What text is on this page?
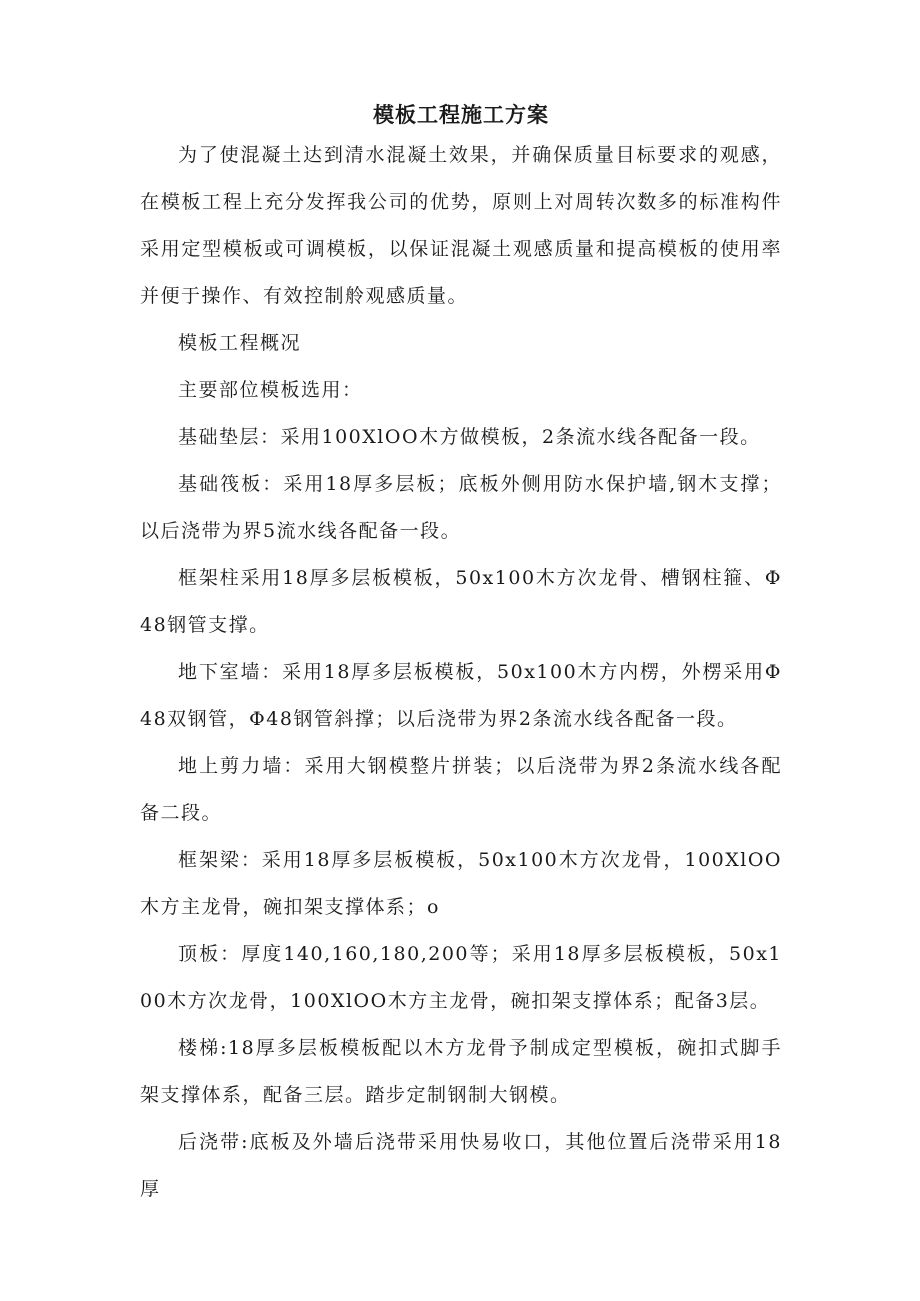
模板工程施工方案

为了使混凝土达到清水混凝土效果，并确保质量目标要求的观感，在模板工程上充分发挥我公司的优势，原则上对周转次数多的标准构件采用定型模板或可调模板，以保证混凝土观感质量和提高模板的使用率并便于操作、有效控制舲观感质量。

模板工程概况

主要部位模板选用：

基础垫层：采用100XlOO木方做模板，2条流水线各配备一段。

基础筏板：采用18厚多层板；底板外侧用防水保护墙,钢木支撑；以后浇带为界5流水线各配备一段。

框架柱采用18厚多层板模板，50x100木方次龙骨、槽钢柱箍、Φ48钢管支撑。

地下室墙：采用18厚多层板模板，50x100木方内楞，外楞采用Φ48双钢管，Φ48钢管斜撑；以后浇带为界2条流水线各配备一段。

地上剪力墙：采用大钢模整片拼装；以后浇带为界2条流水线各配备二段。

框架梁：采用18厚多层板模板，50x100木方次龙骨，100XlOO木方主龙骨，碗扣架支撑体系；o

顶板：厚度140,160,180,200等；采用18厚多层板模板，50x100木方次龙骨，100XlOO木方主龙骨，碗扣架支撑体系；配备3层。

楼梯:18厚多层板模板配以木方龙骨予制成定型模板，碗扣式脚手架支撑体系，配备三层。踏步定制钢制大钢模。

后浇带:底板及外墙后浇带采用快易收口，其他位置后浇带采用18厚
